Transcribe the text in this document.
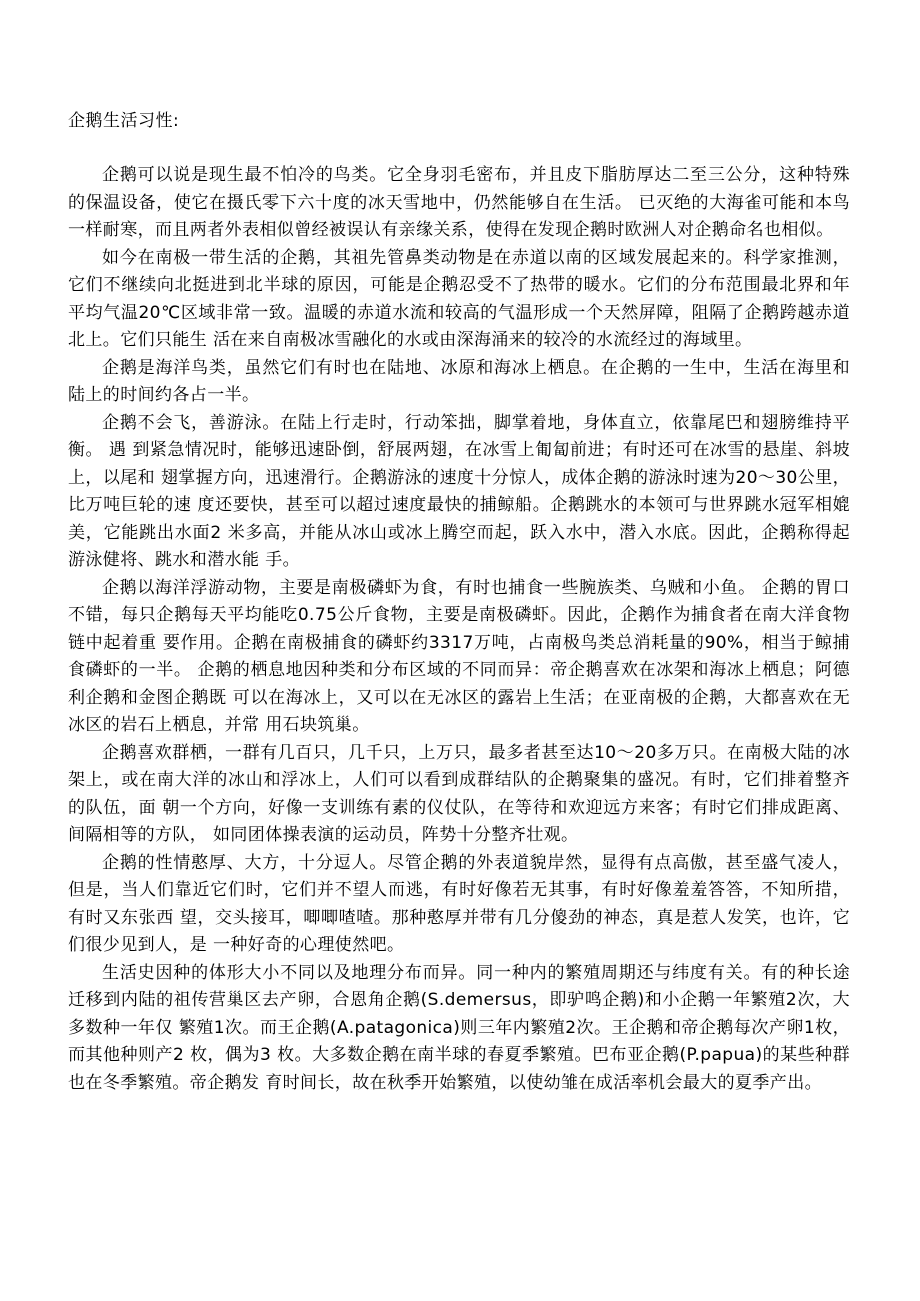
企鹅生活习性:

企鹅可以说是现生最不怕冷的鸟类。它全身羽毛密布，并且皮下脂肪厚达二至三公分，这种特殊的保温设备，使它在摄氏零下六十度的冰天雪地中，仍然能够自在生活。 已灭绝的大海雀可能和本鸟一样耐寒，而且两者外表相似曾经被误认有亲缘关系，使得在发现企鹅时欧洲人对企鹅命名也相似。

如今在南极一带生活的企鹅，其祖先管鼻类动物是在赤道以南的区域发展起来的。科学家推测，它们不继续向北挺进到北半球的原因，可能是企鹅忍受不了热带的暖水。它们的分布范围最北界和年平均气温20℃区域非常一致。温暖的赤道水流和较高的气温形成一个天然屏障，阻隔了企鹅跨越赤道北上。它们只能生 活在来自南极冰雪融化的水或由深海涌来的较冷的水流经过的海域里。

企鹅是海洋鸟类，虽然它们有时也在陆地、冰原和海冰上栖息。在企鹅的一生中，生活在海里和陆上的时间约各占一半。

企鹅不会飞，善游泳。在陆上行走时，行动笨拙，脚掌着地，身体直立，依靠尾巴和翅膀维持平衡。 遇 到紧急情况时，能够迅速卧倒，舒展两翅，在冰雪上匍匐前进；有时还可在冰雪的悬崖、斜坡上，以尾和 翅掌握方向，迅速滑行。企鹅游泳的速度十分惊人，成体企鹅的游泳时速为20〜30公里，比万吨巨轮的速 度还要快，甚至可以超过速度最快的捕鲸船。企鹅跳水的本领可与世界跳水冠军相媲美，它能跳出水面2 米多高，并能从冰山或冰上腾空而起，跃入水中，潜入水底。因此，企鹅称得起游泳健将、跳水和潜水能 手。

企鹅以海洋浮游动物，主要是南极磷虾为食，有时也捕食一些腕族类、乌贼和小鱼。 企鹅的胃口不错，每只企鹅每天平均能吃0.75公斤食物，主要是南极磷虾。因此，企鹅作为捕食者在南大洋食物链中起着重 要作用。企鹅在南极捕食的磷虾约3317万吨，占南极鸟类总消耗量的90%，相当于鲸捕食磷虾的一半。 企鹅的栖息地因种类和分布区域的不同而异：帝企鹅喜欢在冰架和海冰上栖息；阿德利企鹅和金图企鹅既 可以在海冰上，又可以在无冰区的露岩上生活；在亚南极的企鹅，大都喜欢在无冰区的岩石上栖息，并常 用石块筑巢。

企鹅喜欢群栖，一群有几百只，几千只，上万只，最多者甚至达10〜20多万只。在南极大陆的冰架上，或在南大洋的冰山和浮冰上，人们可以看到成群结队的企鹅聚集的盛况。有时，它们排着整齐的队伍，面 朝一个方向，好像一支训练有素的仪仗队，在等待和欢迎远方来客；有时它们排成距离、间隔相等的方队， 如同团体操表演的运动员，阵势十分整齐壮观。

企鹅的性情憨厚、大方，十分逗人。尽管企鹅的外表道貌岸然，显得有点高傲，甚至盛气凌人，但是，当人们靠近它们时，它们并不望人而逃，有时好像若无其事，有时好像羞羞答答，不知所措，有时又东张西 望，交头接耳，唧唧喳喳。那种憨厚并带有几分傻劲的神态，真是惹人发笑，也许，它们很少见到人，是 一种好奇的心理使然吧。

生活史因种的体形大小不同以及地理分布而异。同一种内的繁殖周期还与纬度有关。有的种长途迁移到内陆的祖传营巢区去产卵，合恩角企鹅(S.demersus，即驴鸣企鹅)和小企鹅一年繁殖2次，大多数种一年仅 繁殖1次。而王企鹅(A.patagonica)则三年内繁殖2次。王企鹅和帝企鹅每次产卵1枚，而其他种则产2 枚，偶为3 枚。大多数企鹅在南半球的春夏季繁殖。巴布亚企鹅(P.papua)的某些种群也在冬季繁殖。帝企鹅发 育时间长，故在秋季开始繁殖，以使幼雏在成活率机会最大的夏季产出。
